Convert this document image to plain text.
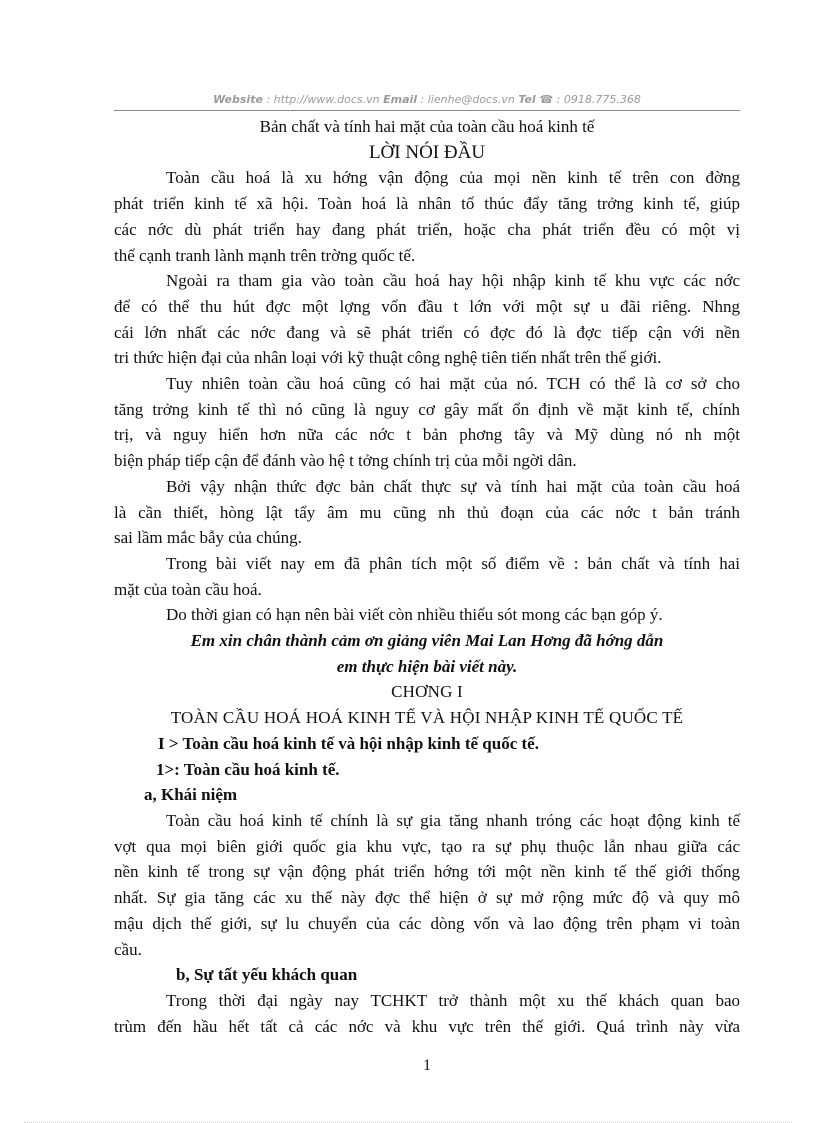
Website : http://www.docs.vn Email : lienhe@docs.vn Tel ☎ : 0918.775.368

Bản chất và tính hai mặt của toàn cầu hoá kinh tế

LỜI NÓI ĐẦU

Toàn cầu hoá là xu hớng vận động của mọi nền kinh tế trên con đờng

phát triển kinh tế xã hội. Toàn hoá là nhân tố thúc đẩy tăng trởng kinh tế, giúp

các nớc dù phát triển hay đang phát triển, hoặc cha phát triển đều có một vị

thế cạnh tranh lành mạnh trên trờng quốc tế.

Ngoài ra tham gia vào toàn cầu hoá hay hội nhập kinh tế khu vực các nớc

để có thể thu hút đợc một lợng vốn đầu t lớn với một sự u đãi riêng. Nhng

cái lớn nhất các nớc đang và sẽ phát triển có đợc đó là đợc tiếp cận với nền

tri thức hiện đại của nhân loại với kỹ thuật công nghệ tiên tiến nhất trên thế giới.

Tuy nhiên toàn cầu hoá cũng có hai mặt của nó. TCH có thể là cơ sở cho

tăng trởng kinh tế thì nó cũng là nguy cơ gây mất ổn định về mặt kinh tế, chính

trị, và nguy hiển hơn nữa các nớc t bản phơng tây và Mỹ dùng nó nh một

biện pháp tiếp cận để đánh vào hệ t tởng chính trị của mỗi ngời dân.

Bởi vậy nhận thức đợc bản chất thực sự và tính hai mặt của toàn cầu hoá

là cần thiết, hòng lật tẩy âm mu cũng nh thủ đoạn của các nớc t bản tránh

sai lầm mắc bẫy của chúng.

Trong bài viết nay em đã phân tích một số điểm về : bản chất và tính hai

mặt của toàn cầu hoá.

Do thời gian có hạn nên bài viết còn nhiều thiếu sót mong các bạn góp ý.

Em xin chân thành cảm ơn giảng viên Mai Lan Hơng đã hớng dẫn

em thực hiện bài viết này.

CHƠNG I

TOÀN CẦU HOÁ HOÁ KINH TẾ VÀ HỘI NHẬP KINH TẾ QUỐC TẾ

I > Toàn cầu hoá kinh tế và hội nhập kinh tế quốc tế.

1>: Toàn cầu hoá kinh tế.

a, Khái niệm

Toàn cầu hoá kinh tế chính là sự gia tăng nhanh tróng các hoạt động kinh tế

vợt qua mọi biên giới quốc gia khu vực, tạo ra sự phụ thuộc lẫn nhau giữa các

nền kinh tế trong sự vận động phát triển hớng tới một nền kinh tế thế giới thống

nhất. Sự gia tăng các xu thế này đợc thể hiện ở sự mở rộng mức độ và quy mô

mậu dịch thế giới, sự lu chuyển của các dòng vốn và lao động trên phạm vi toàn

cầu.

b, Sự tất yếu khách quan

Trong thời đại ngày nay TCHKT trở thành một xu thế khách quan bao

trùm đến hầu hết tất cả các nớc và khu vực trên thế giới. Quá trình này vừa

1
